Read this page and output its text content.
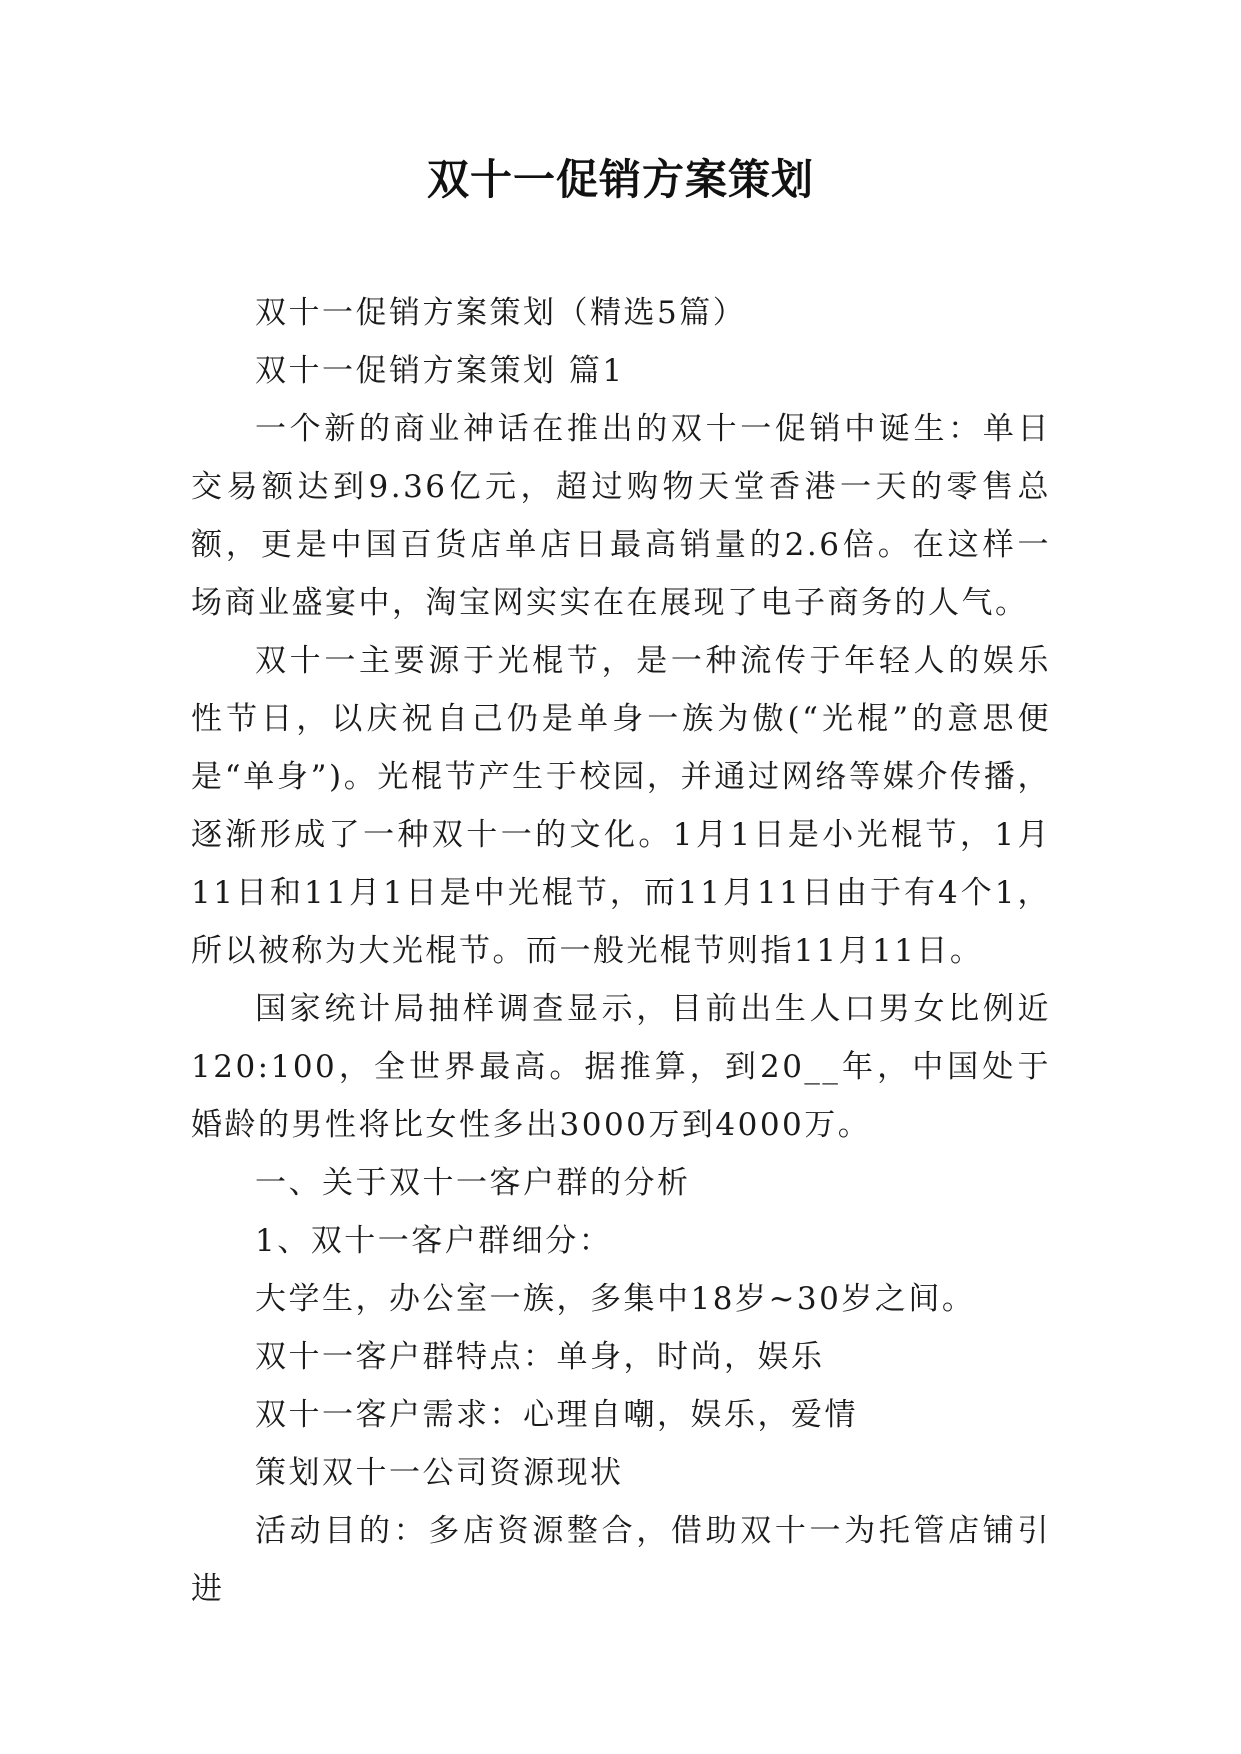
双十一促销方案策划

双十一促销方案策划（精选5篇）

双十一促销方案策划 篇1

一个新的商业神话在推出的双十一促销中诞生：单日交易额达到9.36亿元，超过购物天堂香港一天的零售总额，更是中国百货店单店日最高销量的2.6倍。在这样一场商业盛宴中，淘宝网实实在在展现了电子商务的人气。

双十一主要源于光棍节，是一种流传于年轻人的娱乐性节日，以庆祝自己仍是单身一族为傲(“光棍”的意思便是“单身”)。光棍节产生于校园，并通过网络等媒介传播，逐渐形成了一种双十一的文化。1月1日是小光棍节，1月11日和11月1日是中光棍节，而11月11日由于有4个1，所以被称为大光棍节。而一般光棍节则指11月11日。

国家统计局抽样调查显示，目前出生人口男女比例近120:100，全世界最高。据推算，到20__年，中国处于婚龄的男性将比女性多出3000万到4000万。

一、关于双十一客户群的分析

1、双十一客户群细分：

大学生，办公室一族，多集中18岁~30岁之间。

双十一客户群特点：单身，时尚，娱乐

双十一客户需求：心理自嘲，娱乐，爱情

策划双十一公司资源现状

活动目的：多店资源整合，借助双十一为托管店铺引进
